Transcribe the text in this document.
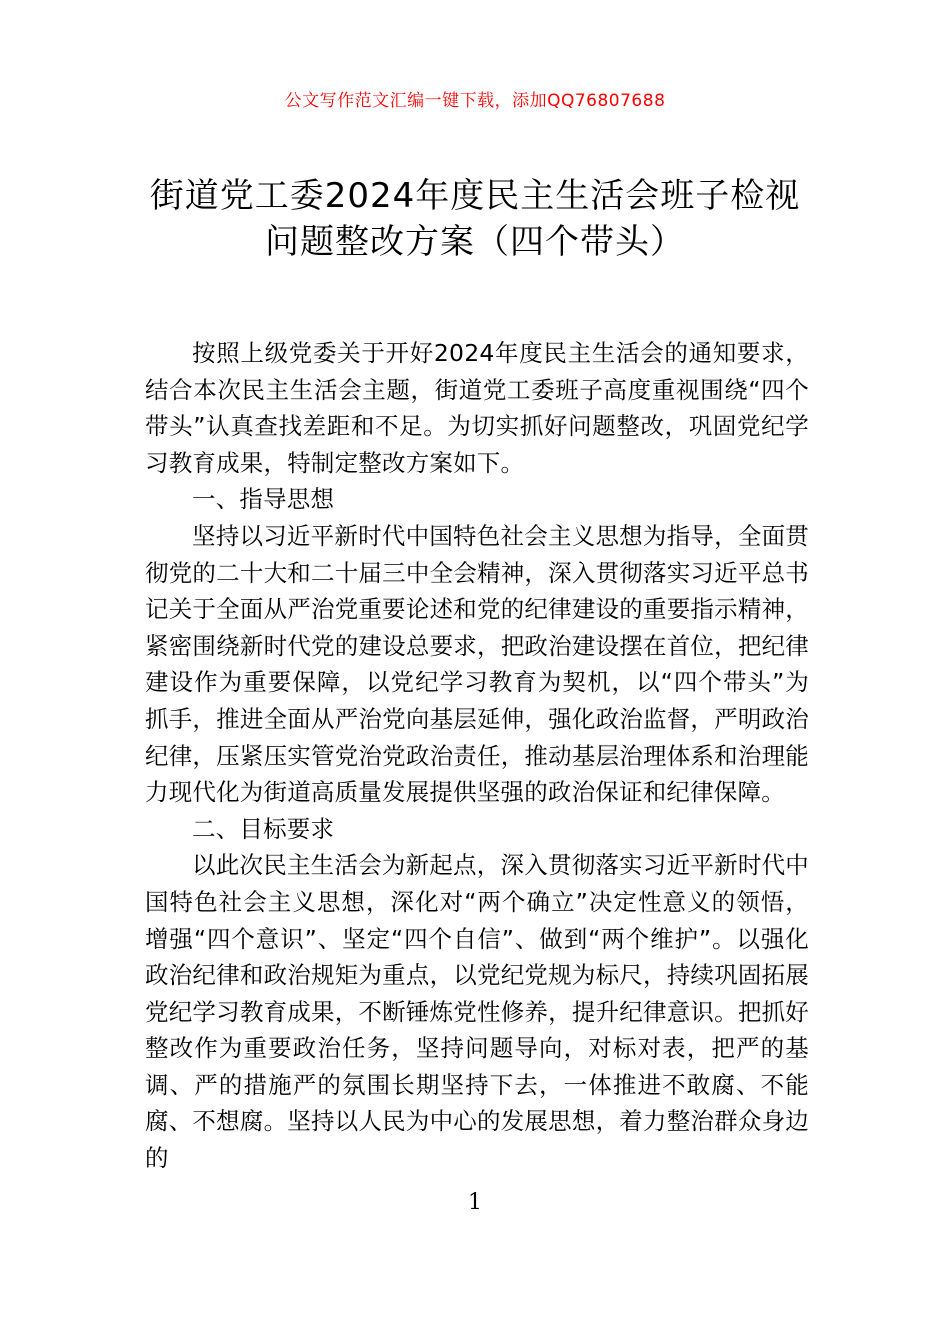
公文写作范文汇编一键下载，添加QQ76807688
街道党工委2024年度民主生活会班子检视
问题整改方案（四个带头）

按照上级党委关于开好2024年度民主生活会的通知要求，结合本次民主生活会主题，街道党工委班子高度重视围绕“四个带头”认真查找差距和不足。为切实抓好问题整改，巩固党纪学习教育成果，特制定整改方案如下。

一、指导思想

坚持以习近平新时代中国特色社会主义思想为指导，全面贯彻党的二十大和二十届三中全会精神，深入贯彻落实习近平总书记关于全面从严治党重要论述和党的纪律建设的重要指示精神，紧密围绕新时代党的建设总要求，把政治建设摆在首位，把纪律建设作为重要保障，以党纪学习教育为契机，以“四个带头”为抓手，推进全面从严治党向基层延伸，强化政治监督，严明政治纪律，压紧压实管党治党政治责任，推动基层治理体系和治理能力现代化为街道高质量发展提供坚强的政治保证和纪律保障。

二、目标要求

以此次民主生活会为新起点，深入贯彻落实习近平新时代中国特色社会主义思想，深化对“两个确立”决定性意义的领悟，增强“四个意识”、坚定“四个自信”、做到“两个维护”。以强化政治纪律和政治规矩为重点，以党纪党规为标尺，持续巩固拓展党纪学习教育成果，不断锤炼党性修养，提升纪律意识。把抓好整改作为重要政治任务，坚持问题导向，对标对表，把严的基调、严的措施严的氛围长期坚持下去，一体推进不敢腐、不能腐、不想腐。坚持以人民为中心的发展思想，着力整治群众身边的

1
